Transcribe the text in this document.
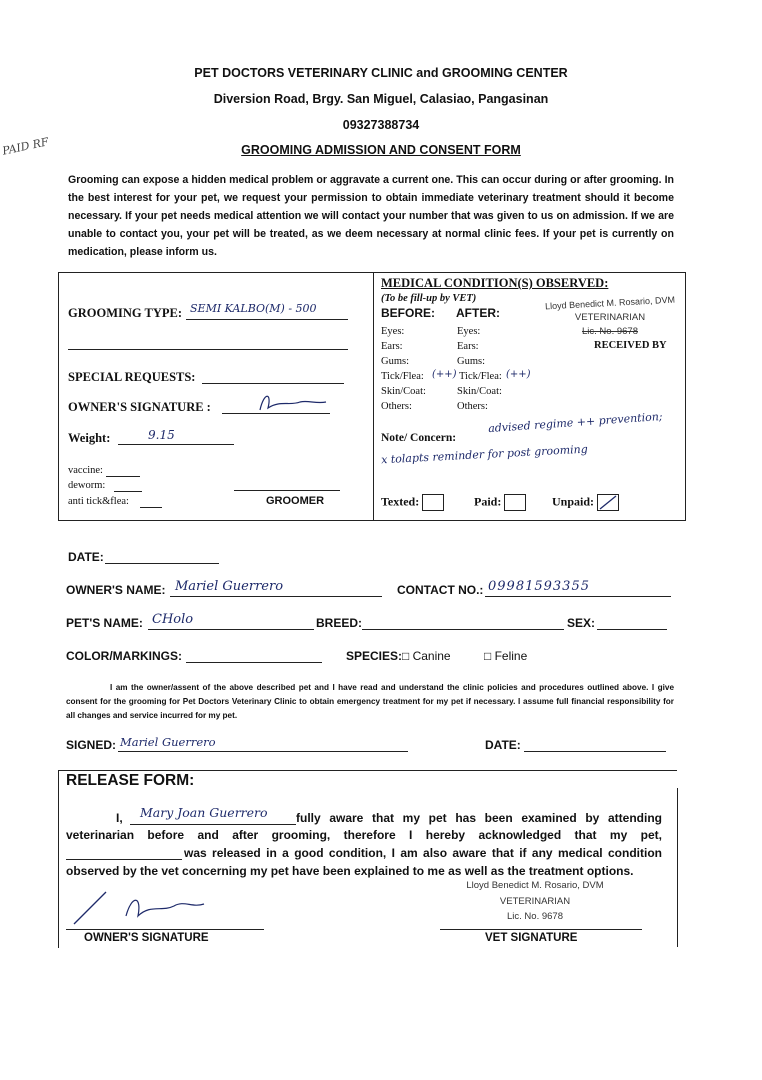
PET DOCTORS VETERINARY CLINIC and GROOMING CENTER
Diversion Road, Brgy. San Miguel, Calasiao, Pangasinan
09327388734
GROOMING ADMISSION AND CONSENT FORM
PAID RF
Grooming can expose a hidden medical problem or aggravate a current one. This can occur during or after grooming. In the best interest for your pet, we request your permission to obtain immediate veterinary treatment should it become necessary. If your pet needs medical attention we will contact your number that was given to us on admission. If we are unable to contact you, your pet will be treated, as we deem necessary at normal clinic fees. If your pet is currently on medication, please inform us.
GROOMING TYPE: SEMI KALBO(M) - 500
SPECIAL REQUESTS:
OWNER'S SIGNATURE :
Weight:	9.15
vaccine:
deworm:
anti tick&flea:	GROOMER
MEDICAL CONDITION(S) OBSERVED:
(To be fill-up by VET)
BEFORE: AFTER:
Eyes:	Eyes:
Ears:	Ears:
Gums:	Gums:
Tick/Flea: (++) Tick/Flea: (++)
Skin/Coat:	Skin/Coat:
Others:	Others:
Lloyd Benedict M. Rosario, DVM
VETERINARIAN
Lic. No. 9678
RECEIVED BY
Note/ Concern:
advised regime ++ prevention;
x tolapts reminder for post grooming
Texted:	Paid:	Unpaid:
DATE:
OWNER'S NAME: Mariel Guerrero	CONTACT NO.: 09981593355
PET'S NAME: CHolo	BREED:	SEX:
COLOR/MARKINGS:	SPECIES: □ Canine	□ Feline
I am the owner/assent of the above described pet and I have read and understand the clinic policies and procedures outlined above. I give consent for the grooming for Pet Doctors Veterinary Clinic to obtain emergency treatment for my pet if necessary. I assume full financial responsibility for all changes and service incurred for my pet.
SIGNED: Mariel Guerrero	DATE:
RELEASE FORM:
I, Mary Joan Guerrero fully aware that my pet has been examined by attending
veterinarian before and after grooming, therefore I hereby acknowledged that my pet,
was released in a good condition, I am also aware that if any medical condition
observed by the vet concerning my pet have been explained to me as well as the treatment options.
Lloyd Benedict M. Rosario, DVM
VETERINARIAN
Lic. No. 9678
OWNER'S SIGNATURE	VET SIGNATURE
